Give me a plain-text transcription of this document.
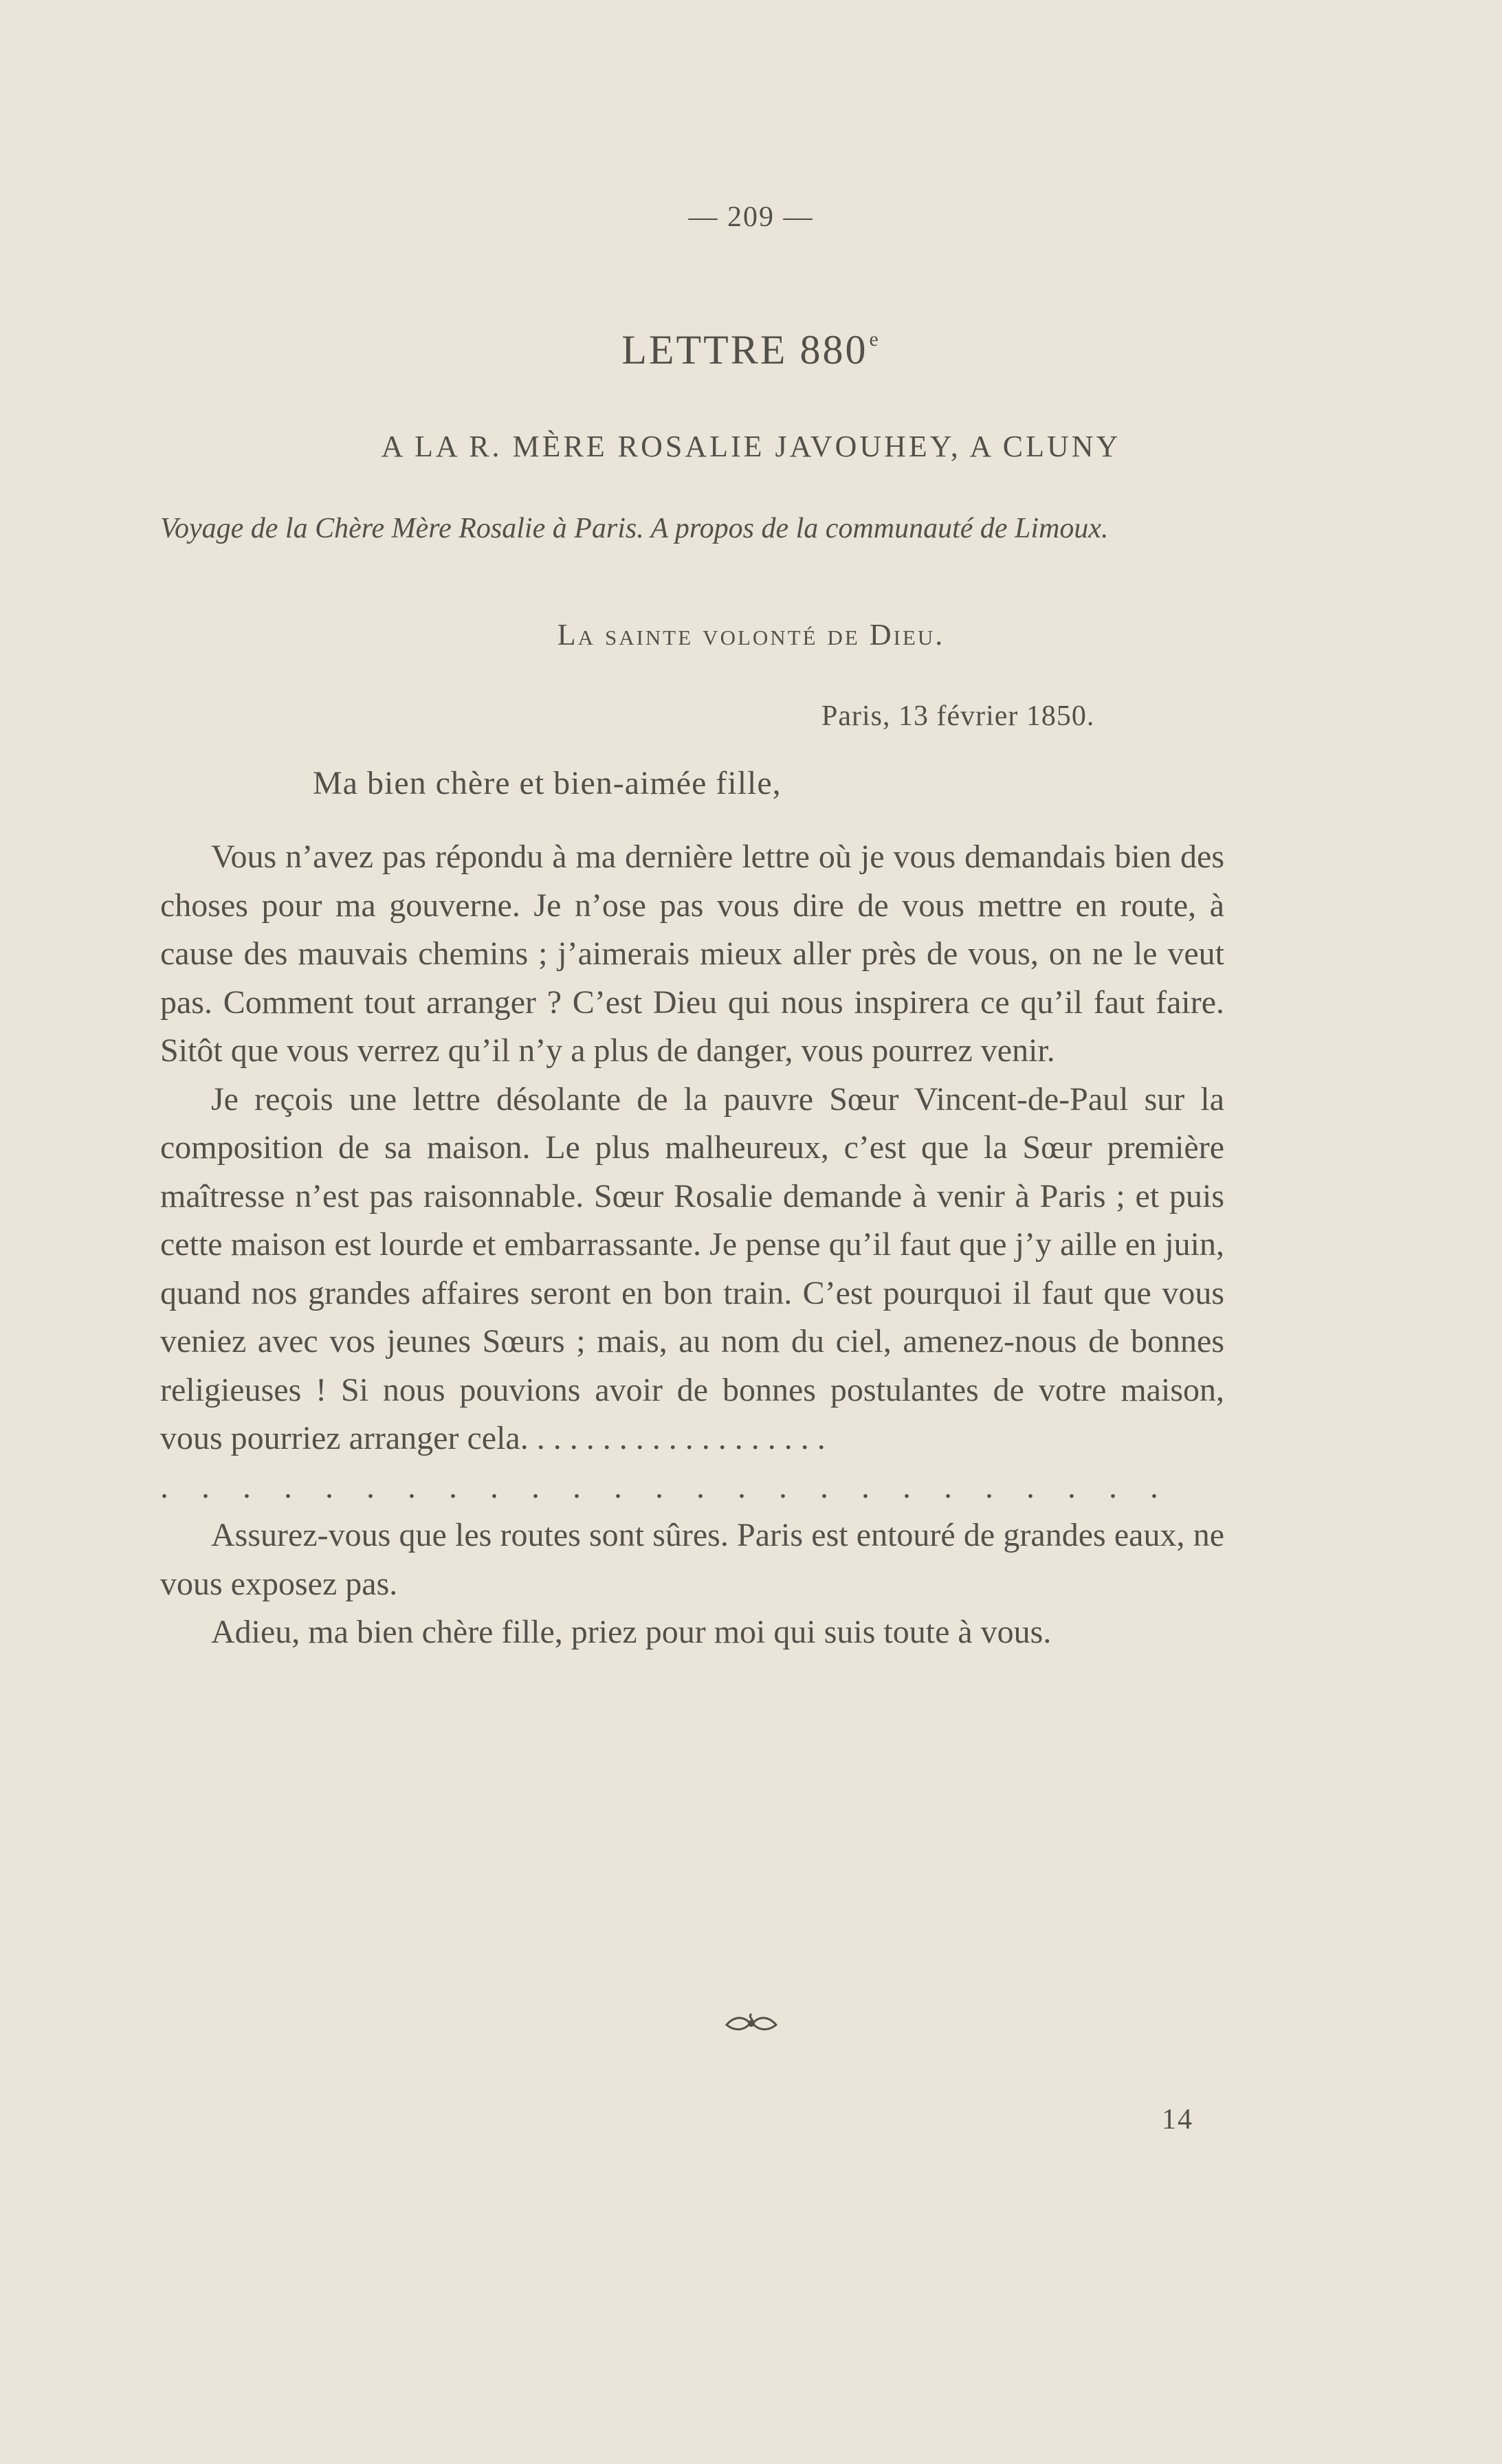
— 209 —
LETTRE 880e
A LA R. MÈRE ROSALIE JAVOUHEY, A CLUNY
Voyage de la Chère Mère Rosalie à Paris. A propos de la communauté de Limoux.
La sainte volonté de Dieu.
Paris, 13 février 1850.
Ma bien chère et bien-aimée fille,

Vous n’avez pas répondu à ma dernière lettre où je vous demandais bien des choses pour ma gouverne. Je n’ose pas vous dire de vous mettre en route, à cause des mauvais chemins ; j’aimerais mieux aller près de vous, on ne le veut pas. Comment tout arranger ? C’est Dieu qui nous inspirera ce qu’il faut faire. Sitôt que vous verrez qu’il n’y a plus de danger, vous pourrez venir.

Je reçois une lettre désolante de la pauvre Sœur Vincent-de-Paul sur la composition de sa maison. Le plus malheureux, c’est que la Sœur première maîtresse n’est pas raisonnable. Sœur Rosalie demande à venir à Paris ; et puis cette maison est lourde et embarrassante. Je pense qu’il faut que j’y aille en juin, quand nos grandes affaires seront en bon train. C’est pourquoi il faut que vous veniez avec vos jeunes Sœurs ; mais, au nom du ciel, amenez-nous de bonnes religieuses ! Si nous pouvions avoir de bonnes postulantes de votre maison, vous pourriez arranger cela. . . . . . . . . . . . . . . . . . .

. . . . . . . . . . . . . . . . . . . . . . . . .

Assurez-vous que les routes sont sûres. Paris est entouré de grandes eaux, ne vous exposez pas.

Adieu, ma bien chère fille, priez pour moi qui suis toute à vous.

14
